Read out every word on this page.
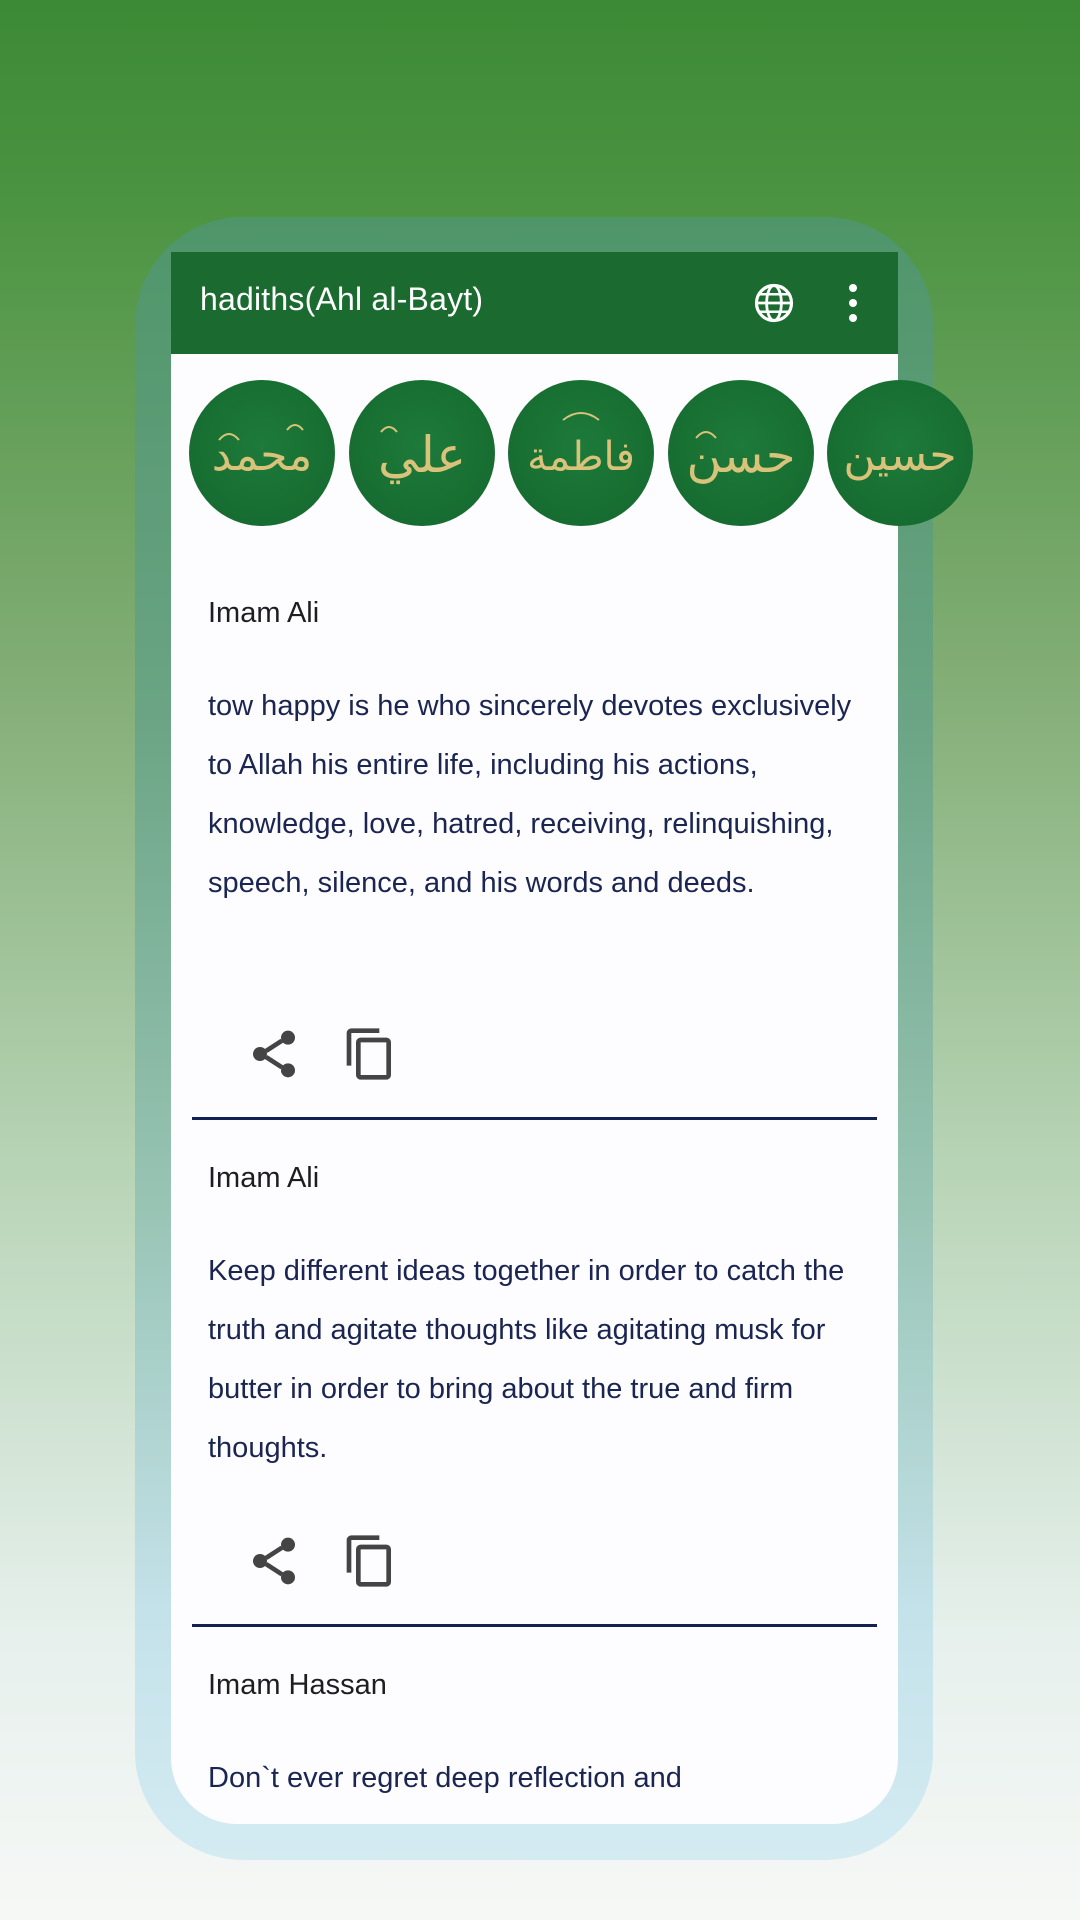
hadiths(Ahl al-Bayt)
محمد علي فاطمة حسن حسين
Imam Ali
tow happy is he who sincerely devotes exclusively to Allah his entire life, including his actions, knowledge, love, hatred, receiving, relinquishing, speech, silence, and his words and deeds.
Imam Ali
Keep different ideas together in order to catch the truth and agitate thoughts like agitating musk for butter in order to bring about the true and firm thoughts.
Imam Hassan
Don`t ever regret deep reflection and
